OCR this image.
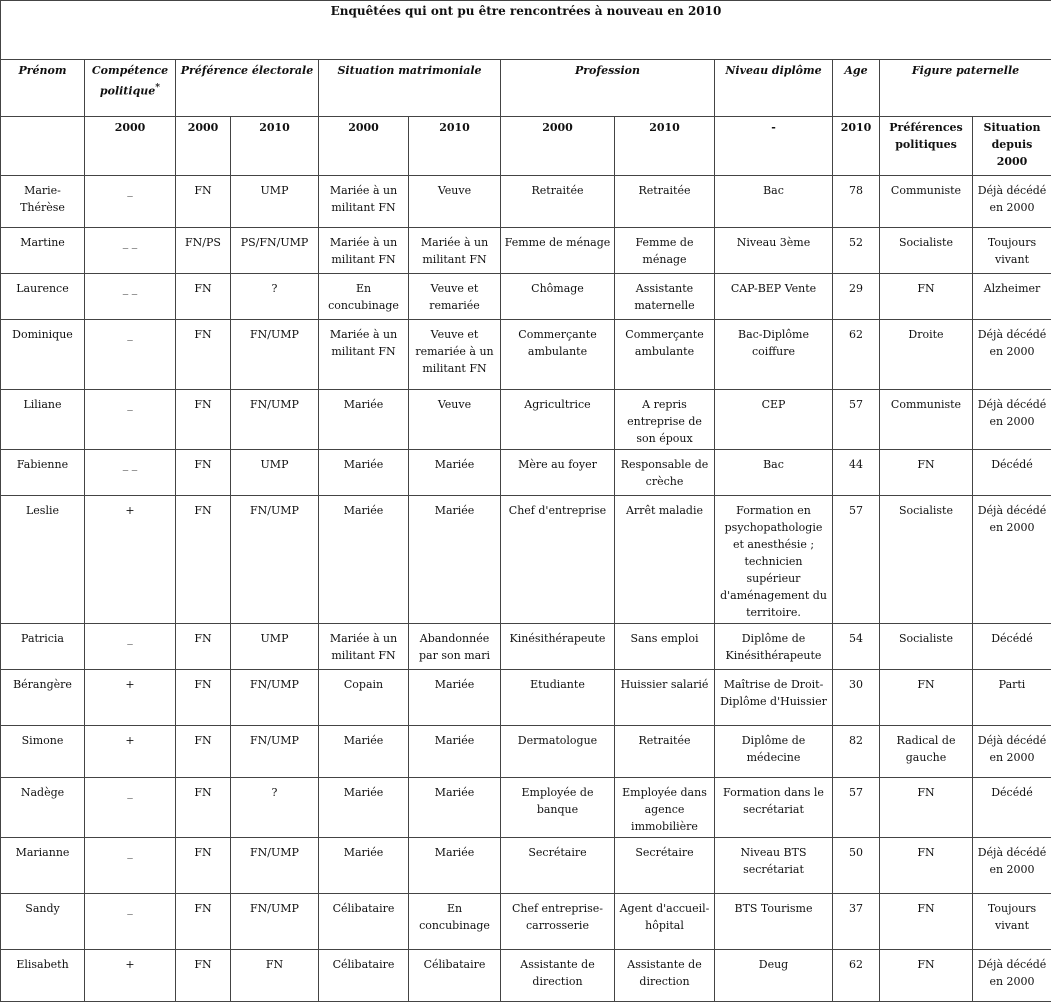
Enquêtées qui ont pu être rencontrées à nouveau en 2010											
Prénom	Compétence politique*	Préférence électorale		Situation matrimoniale		Profession		Niveau diplôme	Age	Figure paternelle	
	2000	2000	2010	2000	2010	2000	2010	-	2010	Préférences politiques	Situation depuis 2000
Marie-Thérèse	_	FN	UMP	Mariée à un militant FN	Veuve	Retraitée	Retraitée	Bac	78	Communiste	Déjà décédé en 2000
Martine	_ _	FN/PS	PS/FN/UMP	Mariée à un militant FN	Mariée à un militant FN	Femme de ménage	Femme de ménage	Niveau 3ème	52	Socialiste	Toujours vivant
Laurence	_ _	FN	?	En concubinage	Veuve et remariée	Chômage	Assistante maternelle	CAP-BEP Vente	29	FN	Alzheimer
Dominique	_	FN	FN/UMP	Mariée à un militant FN	Veuve et remariée à un militant FN	Commerçante ambulante	Commerçante ambulante	Bac-Diplôme coiffure	62	Droite	Déjà décédé en 2000
Liliane	_	FN	FN/UMP	Mariée	Veuve	Agricultrice	A repris entreprise de son époux	CEP	57	Communiste	Déjà décédé en 2000
Fabienne	_ _	FN	UMP	Mariée	Mariée	Mère au foyer	Responsable de crèche	Bac	44	FN	Décédé
Leslie	+	FN	FN/UMP	Mariée	Mariée	Chef d'entreprise	Arrêt maladie	Formation en psychopathologie et anesthésie ; technicien supérieur d'aménagement du territoire.	57	Socialiste	Déjà décédé en 2000
Patricia	_	FN	UMP	Mariée à un militant FN	Abandonnée par son mari	Kinésithérapeute	Sans emploi	Diplôme de Kinésithérapeute	54	Socialiste	Décédé
Bérangère	+	FN	FN/UMP	Copain	Mariée	Etudiante	Huissier salarié	Maîtrise de Droit-Diplôme d'Huissier	30	FN	Parti
Simone	+	FN	FN/UMP	Mariée	Mariée	Dermatologue	Retraitée	Diplôme de médecine	82	Radical de gauche	Déjà décédé en 2000
Nadège	_	FN	?	Mariée	Mariée	Employée de banque	Employée dans agence immobilière	Formation dans le secrétariat	57	FN	Décédé
Marianne	_	FN	FN/UMP	Mariée	Mariée	Secrétaire	Secrétaire	Niveau BTS secrétariat	50	FN	Déjà décédé en 2000
Sandy	_	FN	FN/UMP	Célibataire	En concubinage	Chef entreprise-carrosserie	Agent d'accueil-hôpital	BTS Tourisme	37	FN	Toujours vivant
Elisabeth	+	FN	FN	Célibataire	Célibataire	Assistante de direction	Assistante de direction	Deug	62	FN	Déjà décédé en 2000
